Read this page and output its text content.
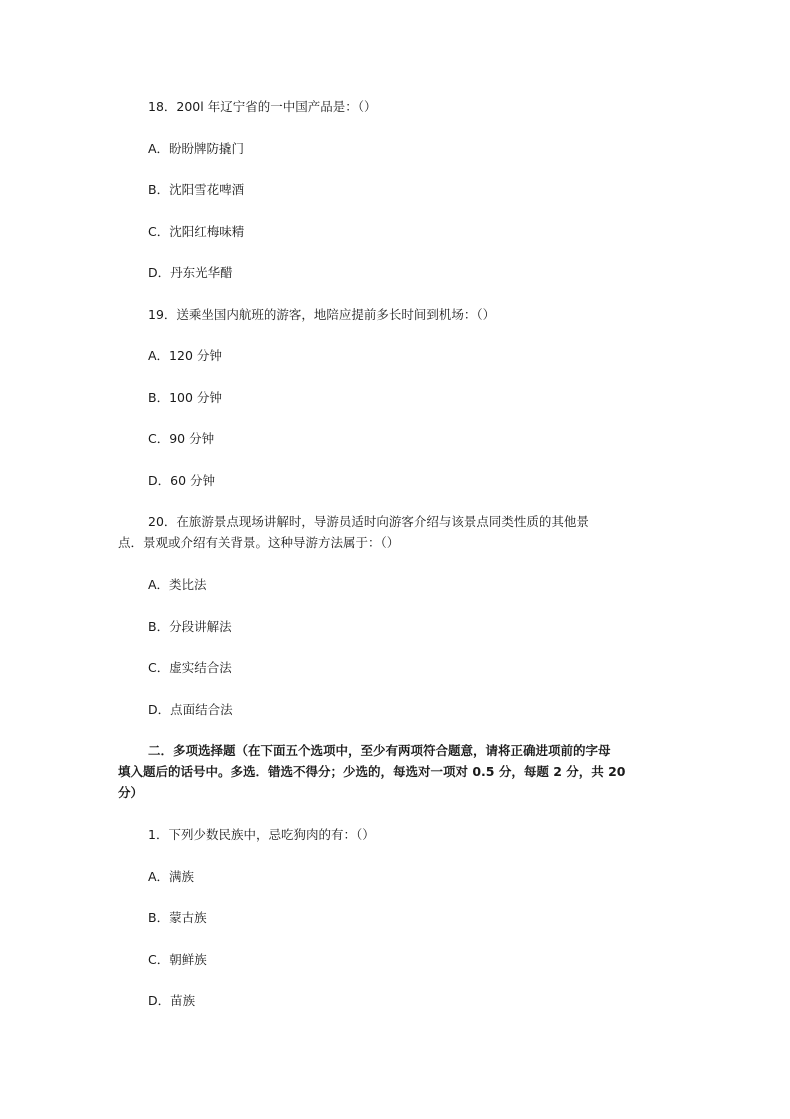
18．200l 年辽宁省的一中国产品是：（）
A．盼盼牌防撬门
B．沈阳雪花啤酒
C．沈阳红梅味精
D．丹东光华醋
19．送乘坐国内航班的游客，地陪应提前多长时间到机场：（）
A．120 分钟
B．100 分钟
C．90 分钟
D．60 分钟
20．在旅游景点现场讲解时，导游员适时向游客介绍与该景点同类性质的其他景
点．景观或介绍有关背景。这种导游方法属于：（）
A．类比法
B．分段讲解法
C．虚实结合法
D．点面结合法
二．多项选择题（在下面五个选项中，至少有两项符合题意，请将正确进项前的字母
填入题后的话号中。多选．错选不得分；少选的，每选对一项对 0.5 分，每题 2 分，共 20
分）
1．下列少数民族中，忌吃狗肉的有：（）
A．满族
B．蒙古族
C．朝鲜族
D．苗族
